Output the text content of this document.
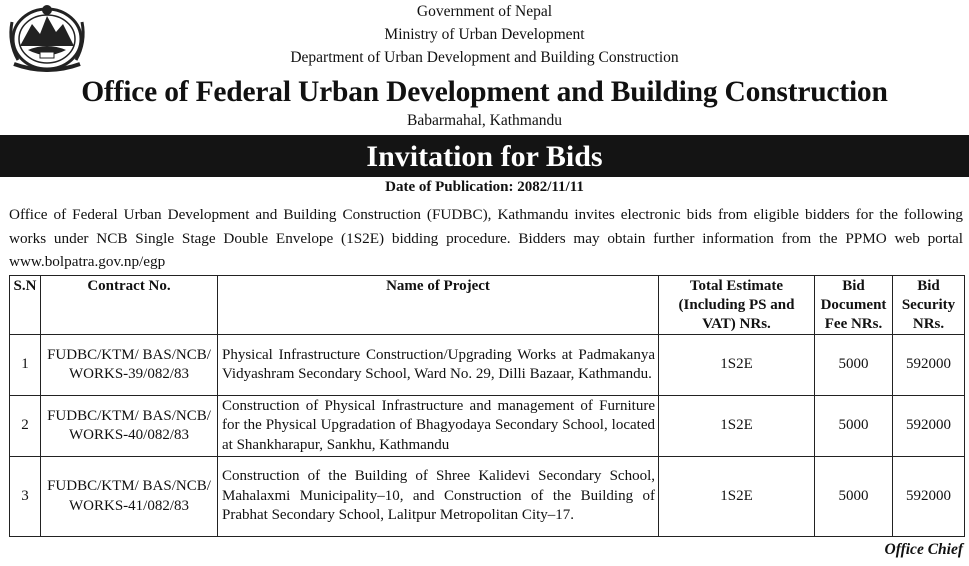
Government of Nepal
Ministry of Urban Development
Department of Urban Development and Building Construction
Office of Federal Urban Development and Building Construction
Babarmahal, Kathmandu
Invitation for Bids
Date of Publication: 2082/11/11
Office of Federal Urban Development and Building Construction (FUDBC), Kathmandu invites electronic bids from eligible bidders for the following works under NCB Single Stage Double Envelope (1S2E) bidding procedure. Bidders may obtain further information from the PPMO web portal www.bolpatra.gov.np/egp
S.N	Contract No.	Name of Project	Total Estimate (Including PS and VAT) NRs.	Bid Document Fee NRs.	Bid Security NRs.
1	FUDBC/KTM/ BAS/NCB/ WORKS-39/082/83	Physical Infrastructure Construction/Upgrading Works at Padmakanya Vidyashram Secondary School, Ward No. 29, Dilli Bazaar, Kathmandu.	1S2E	5000	592000
2	FUDBC/KTM/ BAS/NCB/ WORKS-40/082/83	Construction of Physical Infrastructure and management of Furniture for the Physical Upgradation of Bhagyodaya Secondary School, located at Shankharapur, Sankhu, Kathmandu	1S2E	5000	592000
3	FUDBC/KTM/ BAS/NCB/ WORKS-41/082/83	Construction of the Building of Shree Kalidevi Secondary School, Mahalaxmi Municipality–10, and Construction of the Building of Prabhat Secondary School, Lalitpur Metropolitan City–17.	1S2E	5000	592000
Office Chief
